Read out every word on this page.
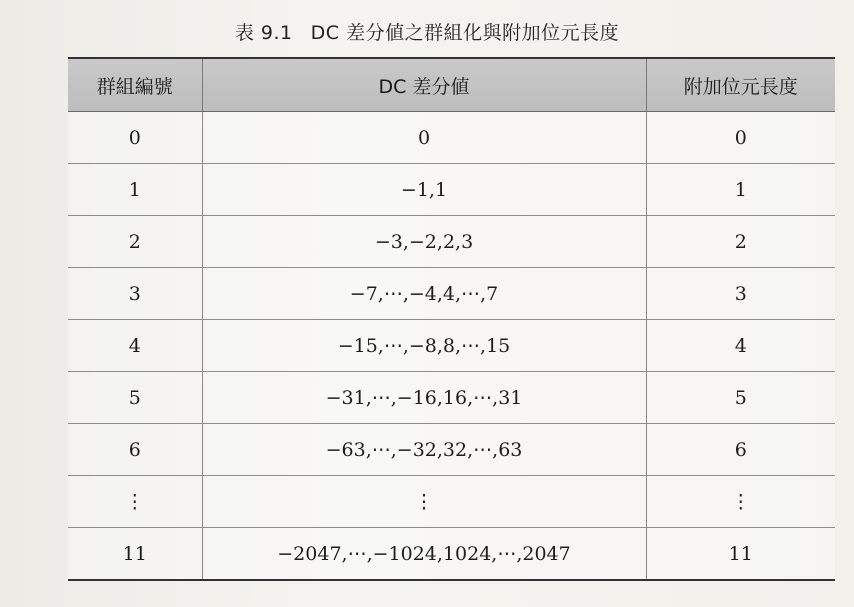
表 9.1 DC 差分値之群組化與附加位元長度
群組編號	DC 差分値	附加位元長度
0	0	0
1	−1,1	1
2	−3,−2,2,3	2
3	−7,⋯,−4,4,⋯,7	3
4	−15,⋯,−8,8,⋯,15	4
5	−31,⋯,−16,16,⋯,31	5
6	−63,⋯,−32,32,⋯,63	6
⋮	⋮	⋮
11	−2047,⋯,−1024,1024,⋯,2047	11
